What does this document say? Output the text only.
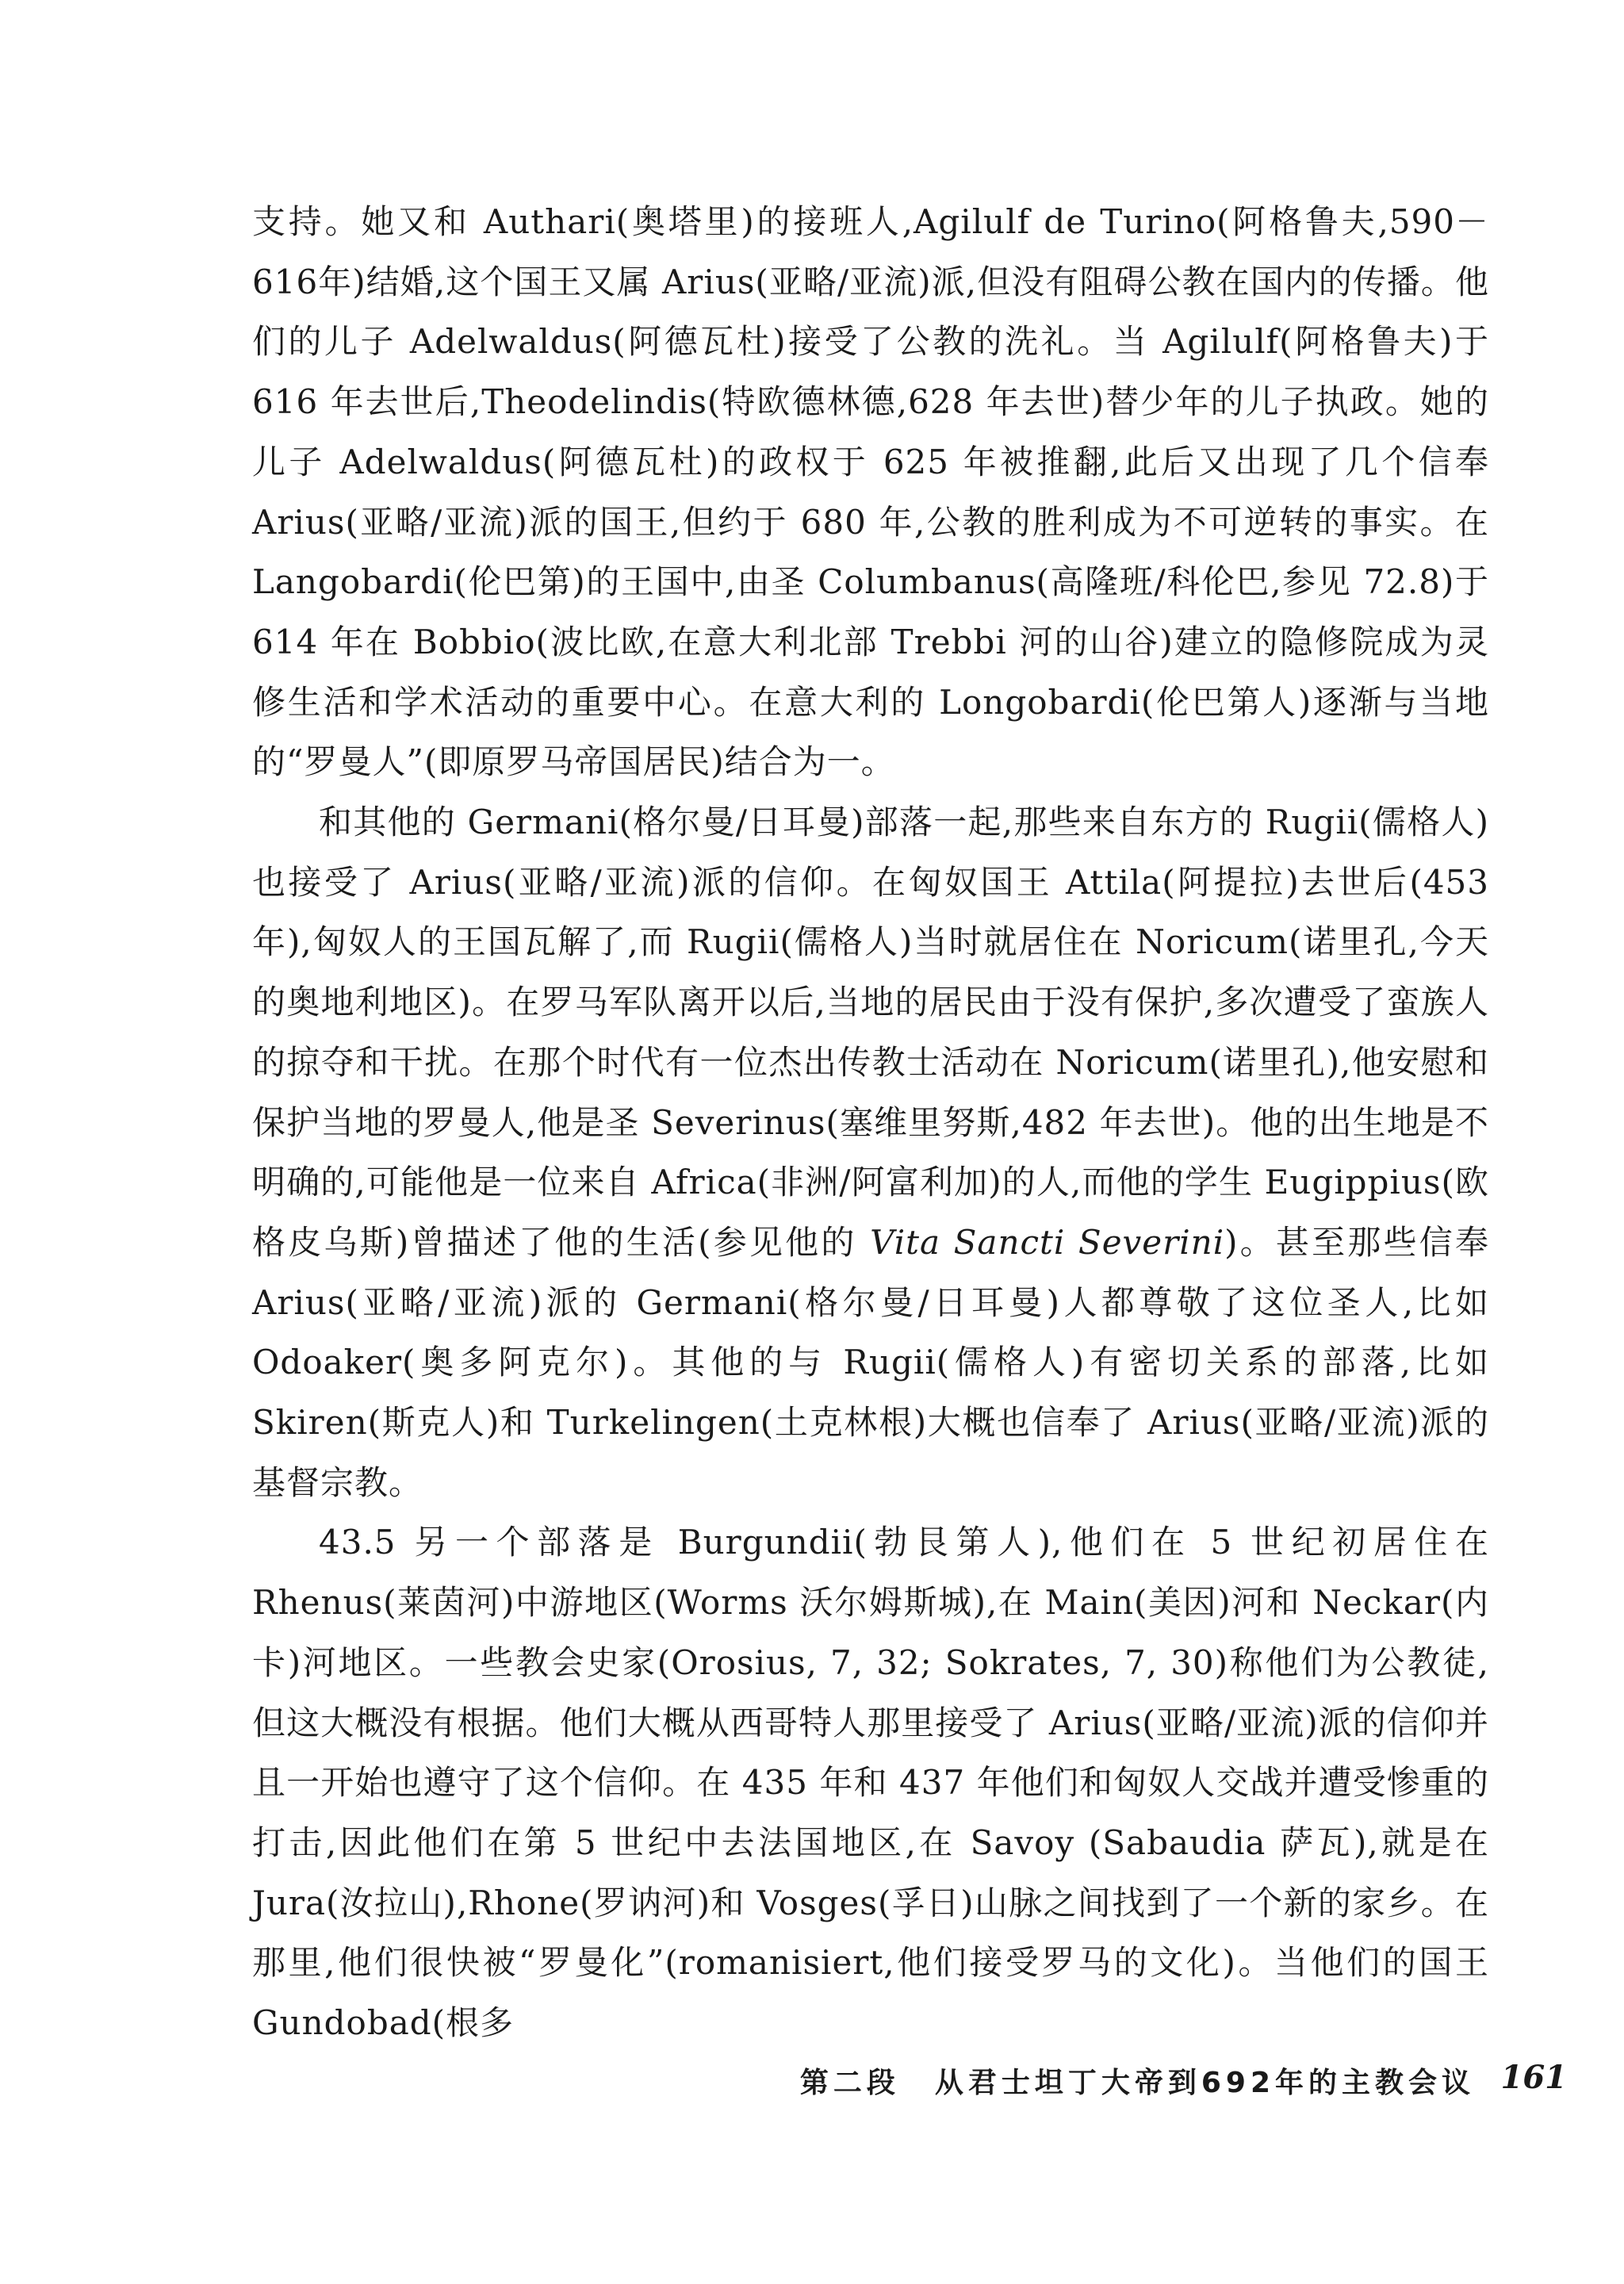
支持。她又和 Authari(奥塔里)的接班人,Agilulf de Turino(阿格鲁夫,590－616年)结婚,这个国王又属 Arius(亚略/亚流)派,但没有阻碍公教在国内的传播。他们的儿子 Adelwaldus(阿德瓦杜)接受了公教的洗礼。当 Agilulf(阿格鲁夫)于 616 年去世后,Theodelindis(特欧德林德,628 年去世)替少年的儿子执政。她的儿子 Adelwaldus(阿德瓦杜)的政权于 625 年被推翻,此后又出现了几个信奉 Arius(亚略/亚流)派的国王,但约于 680 年,公教的胜利成为不可逆转的事实。在 Langobardi(伦巴第)的王国中,由圣 Columbanus(高隆班/科伦巴,参见 72.8)于 614 年在 Bobbio(波比欧,在意大利北部 Trebbi 河的山谷)建立的隐修院成为灵修生活和学术活动的重要中心。在意大利的 Longobardi(伦巴第人)逐渐与当地的“罗曼人”(即原罗马帝国居民)结合为一。

和其他的 Germani(格尔曼/日耳曼)部落一起,那些来自东方的 Rugii(儒格人)也接受了 Arius(亚略/亚流)派的信仰。在匈奴国王 Attila(阿提拉)去世后(453 年),匈奴人的王国瓦解了,而 Rugii(儒格人)当时就居住在 Noricum(诺里孔,今天的奥地利地区)。在罗马军队离开以后,当地的居民由于没有保护,多次遭受了蛮族人的掠夺和干扰。在那个时代有一位杰出传教士活动在 Noricum(诺里孔),他安慰和保护当地的罗曼人,他是圣 Severinus(塞维里努斯,482 年去世)。他的出生地是不明确的,可能他是一位来自 Africa(非洲/阿富利加)的人,而他的学生 Eugippius(欧格皮乌斯)曾描述了他的生活(参见他的 Vita Sancti Severini)。甚至那些信奉 Arius(亚略/亚流)派的 Germani(格尔曼/日耳曼)人都尊敬了这位圣人,比如 Odoaker(奥多阿克尔)。其他的与 Rugii(儒格人)有密切关系的部落,比如 Skiren(斯克人)和 Turkelingen(土克林根)大概也信奉了 Arius(亚略/亚流)派的基督宗教。

43.5 另一个部落是 Burgundii(勃艮第人),他们在 5 世纪初居住在 Rhenus(莱茵河)中游地区(Worms 沃尔姆斯城),在 Main(美因)河和 Neckar(内卡)河地区。一些教会史家(Orosius, 7, 32; Sokrates, 7, 30)称他们为公教徒,但这大概没有根据。他们大概从西哥特人那里接受了 Arius(亚略/亚流)派的信仰并且一开始也遵守了这个信仰。在 435 年和 437 年他们和匈奴人交战并遭受惨重的打击,因此他们在第 5 世纪中去法国地区,在 Savoy (Sabaudia 萨瓦),就是在 Jura(汝拉山),Rhone(罗讷河)和 Vosges(孚日)山脉之间找到了一个新的家乡。在那里,他们很快被“罗曼化”(romanisiert,他们接受罗马的文化)。当他们的国王 Gundobad(根多

第二段 从君士坦丁大帝到692年的主教会议 161
